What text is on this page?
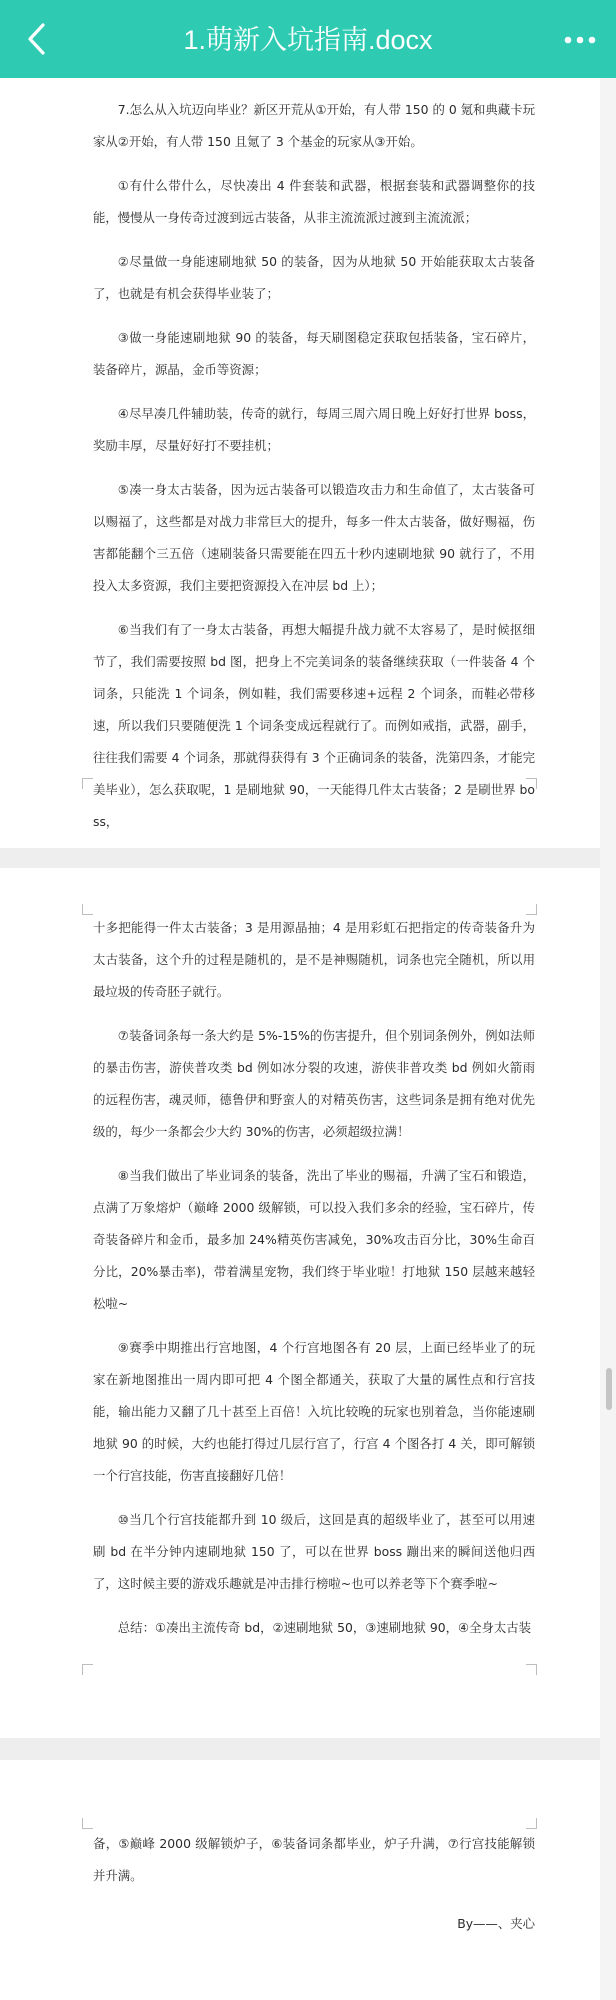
1.萌新入坑指南.docx

7.怎么从入坑迈向毕业？新区开荒从①开始，有人带 150 的 0 氪和典藏卡玩家从②开始，有人带 150 且氪了 3 个基金的玩家从③开始。

①有什么带什么，尽快凑出 4 件套装和武器，根据套装和武器调整你的技能，慢慢从一身传奇过渡到远古装备，从非主流流派过渡到主流流派；

②尽量做一身能速刷地狱 50 的装备，因为从地狱 50 开始能获取太古装备了，也就是有机会获得毕业装了；

③做一身能速刷地狱 90 的装备，每天刷图稳定获取包括装备，宝石碎片，装备碎片，源晶，金币等资源；

④尽早凑几件辅助装，传奇的就行，每周三周六周日晚上好好打世界 boss，奖励丰厚，尽量好好打不要挂机；

⑤凑一身太古装备，因为远古装备可以锻造攻击力和生命值了，太古装备可以赐福了，这些都是对战力非常巨大的提升，每多一件太古装备，做好赐福，伤害都能翻个三五倍（速刷装备只需要能在四五十秒内速刷地狱 90 就行了，不用投入太多资源，我们主要把资源投入在冲层 bd 上）；

⑥当我们有了一身太古装备，再想大幅提升战力就不太容易了，是时候抠细节了，我们需要按照 bd 图，把身上不完美词条的装备继续获取（一件装备 4 个词条，只能洗 1 个词条，例如鞋，我们需要移速+远程 2 个词条，而鞋必带移速，所以我们只要随便洗 1 个词条变成远程就行了。而例如戒指，武器，副手，往往我们需要 4 个词条，那就得获得有 3 个正确词条的装备，洗第四条，才能完美毕业），怎么获取呢，1 是刷地狱 90，一天能得几件太古装备；2 是刷世界 boss，

十多把能得一件太古装备；3 是用源晶抽；4 是用彩虹石把指定的传奇装备升为太古装备，这个升的过程是随机的，是不是神赐随机，词条也完全随机，所以用最垃圾的传奇胚子就行。

⑦装备词条每一条大约是 5%-15%的伤害提升，但个别词条例外，例如法师的暴击伤害，游侠普攻类 bd 例如冰分裂的攻速，游侠非普攻类 bd 例如火箭雨的远程伤害，魂灵师，德鲁伊和野蛮人的对精英伤害，这些词条是拥有绝对优先级的，每少一条都会少大约 30%的伤害，必须超级拉满！

⑧当我们做出了毕业词条的装备，洗出了毕业的赐福，升满了宝石和锻造，点满了万象熔炉（巅峰 2000 级解锁，可以投入我们多余的经验，宝石碎片，传奇装备碎片和金币，最多加 24%精英伤害减免，30%攻击百分比，30%生命百分比，20%暴击率)，带着满星宠物，我们终于毕业啦！打地狱 150 层越来越轻松啦~

⑨赛季中期推出行宫地图，4 个行宫地图各有 20 层，上面已经毕业了的玩家在新地图推出一周内即可把 4 个图全都通关，获取了大量的属性点和行宫技能，输出能力又翻了几十甚至上百倍！入坑比较晚的玩家也别着急，当你能速刷地狱 90 的时候，大约也能打得过几层行宫了，行宫 4 个图各打 4 关，即可解锁一个行宫技能，伤害直接翻好几倍！

⑩当几个行宫技能都升到 10 级后，这回是真的超级毕业了，甚至可以用速刷 bd 在半分钟内速刷地狱 150 了，可以在世界 boss 蹦出来的瞬间送他归西了，这时候主要的游戏乐趣就是冲击排行榜啦~也可以养老等下个赛季啦~

总结：①凑出主流传奇 bd，②速刷地狱 50，③速刷地狱 90，④全身太古装

备，⑤巅峰 2000 级解锁炉子，⑥装备词条都毕业，炉子升满，⑦行宫技能解锁并升满。

By——、夹心
